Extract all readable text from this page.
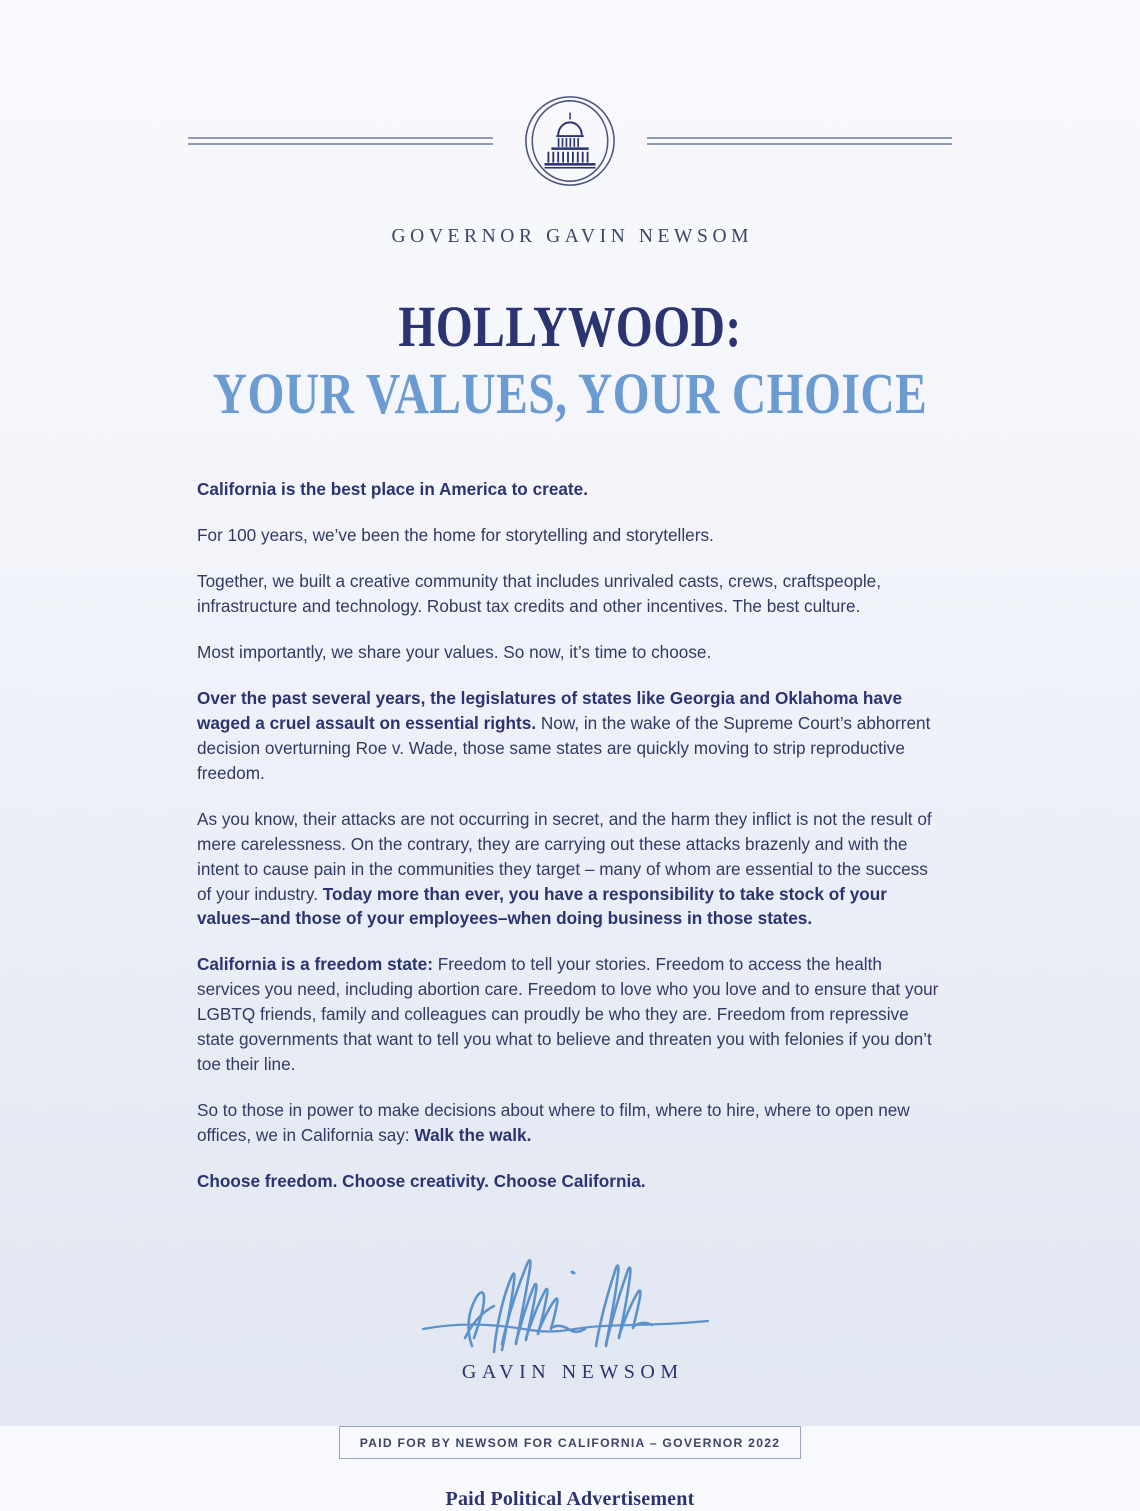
GOVERNOR GAVIN NEWSOM
HOLLYWOOD:
YOUR VALUES, YOUR CHOICE

California is the best place in America to create.

For 100 years, we’ve been the home for storytelling and storytellers.

Together, we built a creative community that includes unrivaled casts, crews, craftspeople, infrastructure and technology. Robust tax credits and other incentives. The best culture.

Most importantly, we share your values. So now, it’s time to choose.

Over the past several years, the legislatures of states like Georgia and Oklahoma have waged a cruel assault on essential rights. Now, in the wake of the Supreme Court’s abhorrent decision overturning Roe v. Wade, those same states are quickly moving to strip reproductive freedom.

As you know, their attacks are not occurring in secret, and the harm they inflict is not the result of mere carelessness. On the contrary, they are carrying out these attacks brazenly and with the intent to cause pain in the communities they target – many of whom are essential to the success of your industry. Today more than ever, you have a responsibility to take stock of your values–and those of your employees–when doing business in those states.

California is a freedom state: Freedom to tell your stories. Freedom to access the health services you need, including abortion care. Freedom to love who you love and to ensure that your LGBTQ friends, family and colleagues can proudly be who they are. Freedom from repressive state governments that want to tell you what to believe and threaten you with felonies if you don’t toe their line.

So to those in power to make decisions about where to film, where to hire, where to open new offices, we in California say: Walk the walk.

Choose freedom. Choose creativity. Choose California.

GAVIN NEWSOM
PAID FOR BY NEWSOM FOR CALIFORNIA – GOVERNOR 2022
Paid Political Advertisement
